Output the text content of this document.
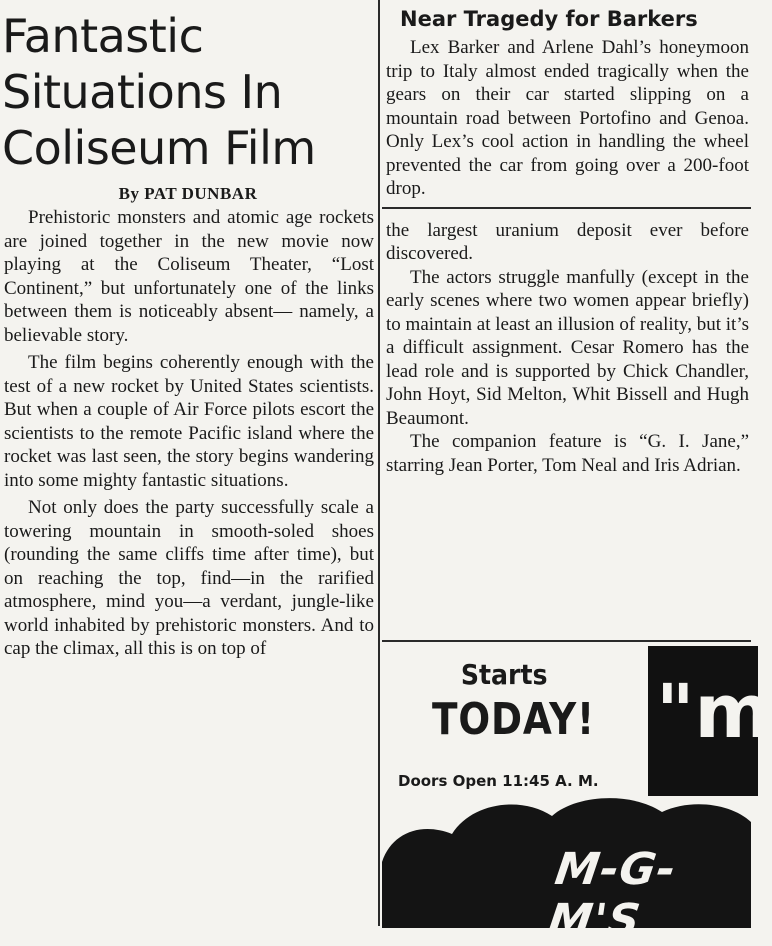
Fantastic
Situations In
Coliseum Film
By PAT DUNBAR

Prehistoric monsters and atomic age rockets are joined together in the new movie now playing at the Coliseum Theater, “Lost Continent,” but unfortunately one of the links between them is noticeably absent— namely, a believable story.

The film begins coherently enough with the test of a new rocket by United States scientists. But when a couple of Air Force pilots escort the scientists to the remote Pacific island where the rocket was last seen, the story begins wandering into some mighty fantastic situations.

Not only does the party successfully scale a towering mountain in smooth-soled shoes (rounding the same cliffs time after time), but on reaching the top, find—in the rarified atmosphere, mind you—a verdant, jungle-like world inhabited by prehistoric monsters. And to cap the climax, all this is on top of

Near Tragedy for Barkers

Lex Barker and Arlene Dahl’s honeymoon trip to Italy almost ended tragically when the gears on their car started slipping on a mountain road between Portofino and Genoa. Only Lex’s cool action in handling the wheel prevented the car from going over a 200-foot drop.

the largest uranium deposit ever before discovered.

The actors struggle manfully (except in the early scenes where two women appear briefly) to maintain at least an illusion of reality, but it’s a difficult assignment. Cesar Romero has the lead role and is supported by Chick Chandler, John Hoyt, Sid Melton, Whit Bissell and Hugh Beaumont.

The companion feature is “G. I. Jane,” starring Jean Porter, Tom Neal and Iris Adrian.

Starts
TODAY!
Doors Open 11:45 A. M.
"m
M-G-M'S
